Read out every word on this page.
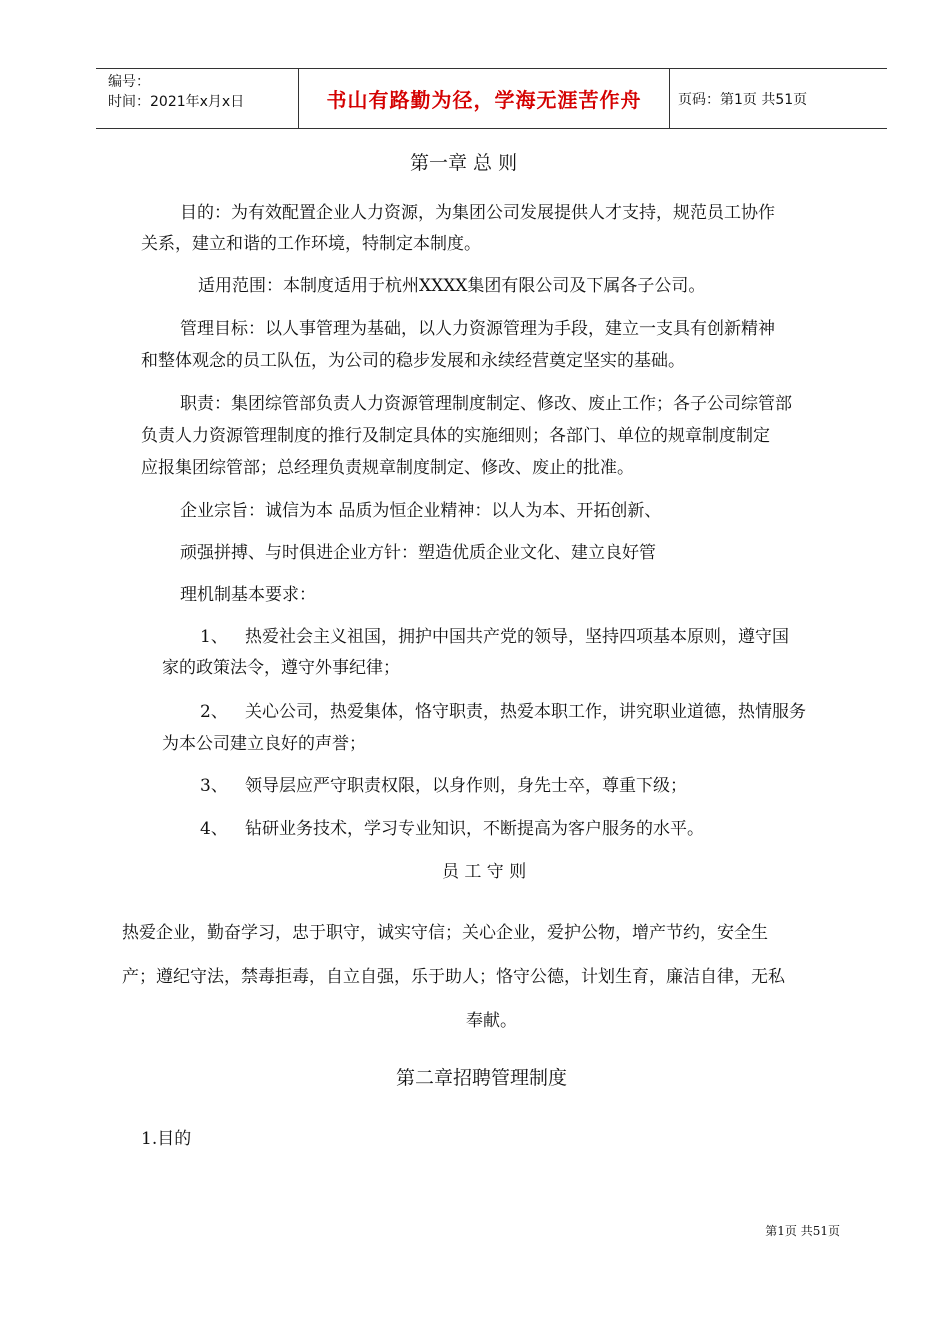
编号：
时间：2021年x月x日	书山有路勤为径，学海无涯苦作舟	页码：第1页 共51页
第一章 总 则
目的：为有效配置企业人力资源，为集团公司发展提供人才支持，规范员工协作
关系，建立和谐的工作环境，特制定本制度。
适用范围：本制度适用于杭州XXXX集团有限公司及下属各子公司。
管理目标：以人事管理为基础，以人力资源管理为手段，建立一支具有创新精神
和整体观念的员工队伍，为公司的稳步发展和永续经营奠定坚实的基础。
职责：集团综管部负责人力资源管理制度制定、修改、废止工作；各子公司综管部
负责人力资源管理制度的推行及制定具体的实施细则；各部门、单位的规章制度制定
应报集团综管部；总经理负责规章制度制定、修改、废止的批准。
企业宗旨：诚信为本 品质为恒企业精神：以人为本、开拓创新、
顽强拼搏、与时俱进企业方针：塑造优质企业文化、建立良好管
理机制基本要求：
1、 热爱社会主义祖国，拥护中国共产党的领导，坚持四项基本原则，遵守国
家的政策法令，遵守外事纪律；
2、 关心公司，热爱集体，恪守职责，热爱本职工作，讲究职业道德，热情服务
为本公司建立良好的声誉；
3、 领导层应严守职责权限，以身作则，身先士卒，尊重下级；
4、 钻研业务技术，学习专业知识，不断提高为客户服务的水平。
员 工 守 则
热爱企业，勤奋学习，忠于职守，诚实守信；关心企业，爱护公物，增产节约，安全生
产；遵纪守法，禁毒拒毒，自立自强，乐于助人；恪守公德，计划生育，廉洁自律，无私
奉献。
第二章招聘管理制度
1.目的
第1页 共51页
